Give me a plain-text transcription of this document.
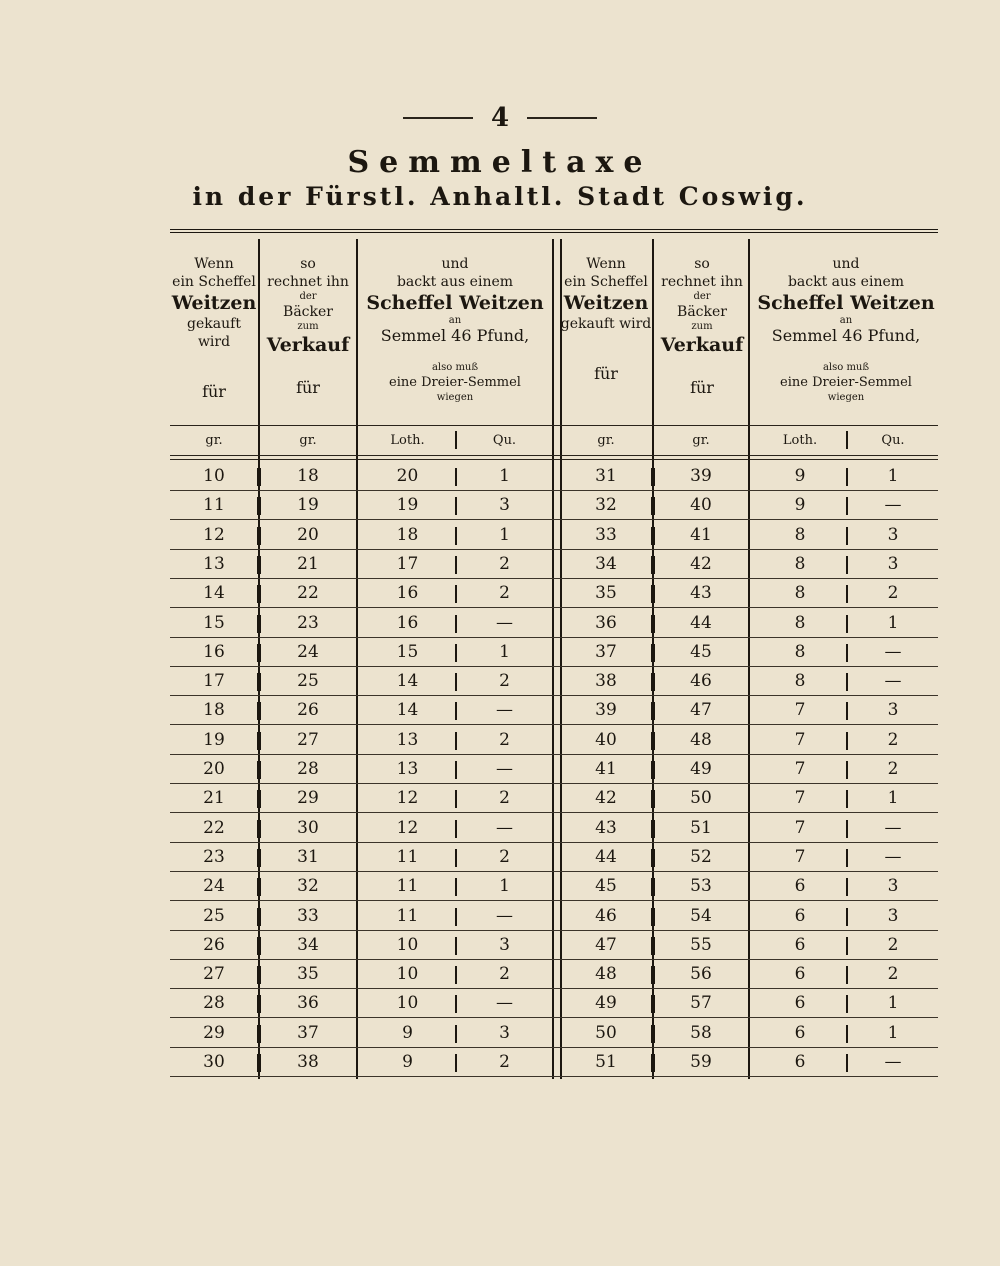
4
Semmeltaxe
in der Fürstl. Anhaltl. Stadt Coswig.
Wenn
ein Scheffel

Weitzen
gekauft wird
für
so
rechnet ihn
der
Bäcker
zum
Verkauf
für
und
backt aus einem
Scheffel Weitzen
an
Semmel 46 Pfund,
also muß
eine Dreier-Semmel
wiegen
Wenn
ein Scheffel

Weitzen
gekauft wird
für
so
rechnet ihn
der
Bäcker
zum
Verkauf
für
und
backt aus einem
Scheffel Weitzen
an
Semmel 46 Pfund,
also muß
eine Dreier-Semmel
wiegen
gr.	gr.	Loth.	Qu.	gr.	gr.	Loth.	Qu.
10	18	20	1	31	39	9	1
11	19	19	3	32	40	9	—
12	20	18	1	33	41	8	3
13	21	17	2	34	42	8	3
14	22	16	2	35	43	8	2
15	23	16	—	36	44	8	1
16	24	15	1	37	45	8	—
17	25	14	2	38	46	8	—
18	26	14	—	39	47	7	3
19	27	13	2	40	48	7	2
20	28	13	—	41	49	7	2
21	29	12	2	42	50	7	1
22	30	12	—	43	51	7	—
23	31	11	2	44	52	7	—
24	32	11	1	45	53	6	3
25	33	11	—	46	54	6	3
26	34	10	3	47	55	6	2
27	35	10	2	48	56	6	2
28	36	10	—	49	57	6	1
29	37	9	3	50	58	6	1
30	38	9	2	51	59	6	—
